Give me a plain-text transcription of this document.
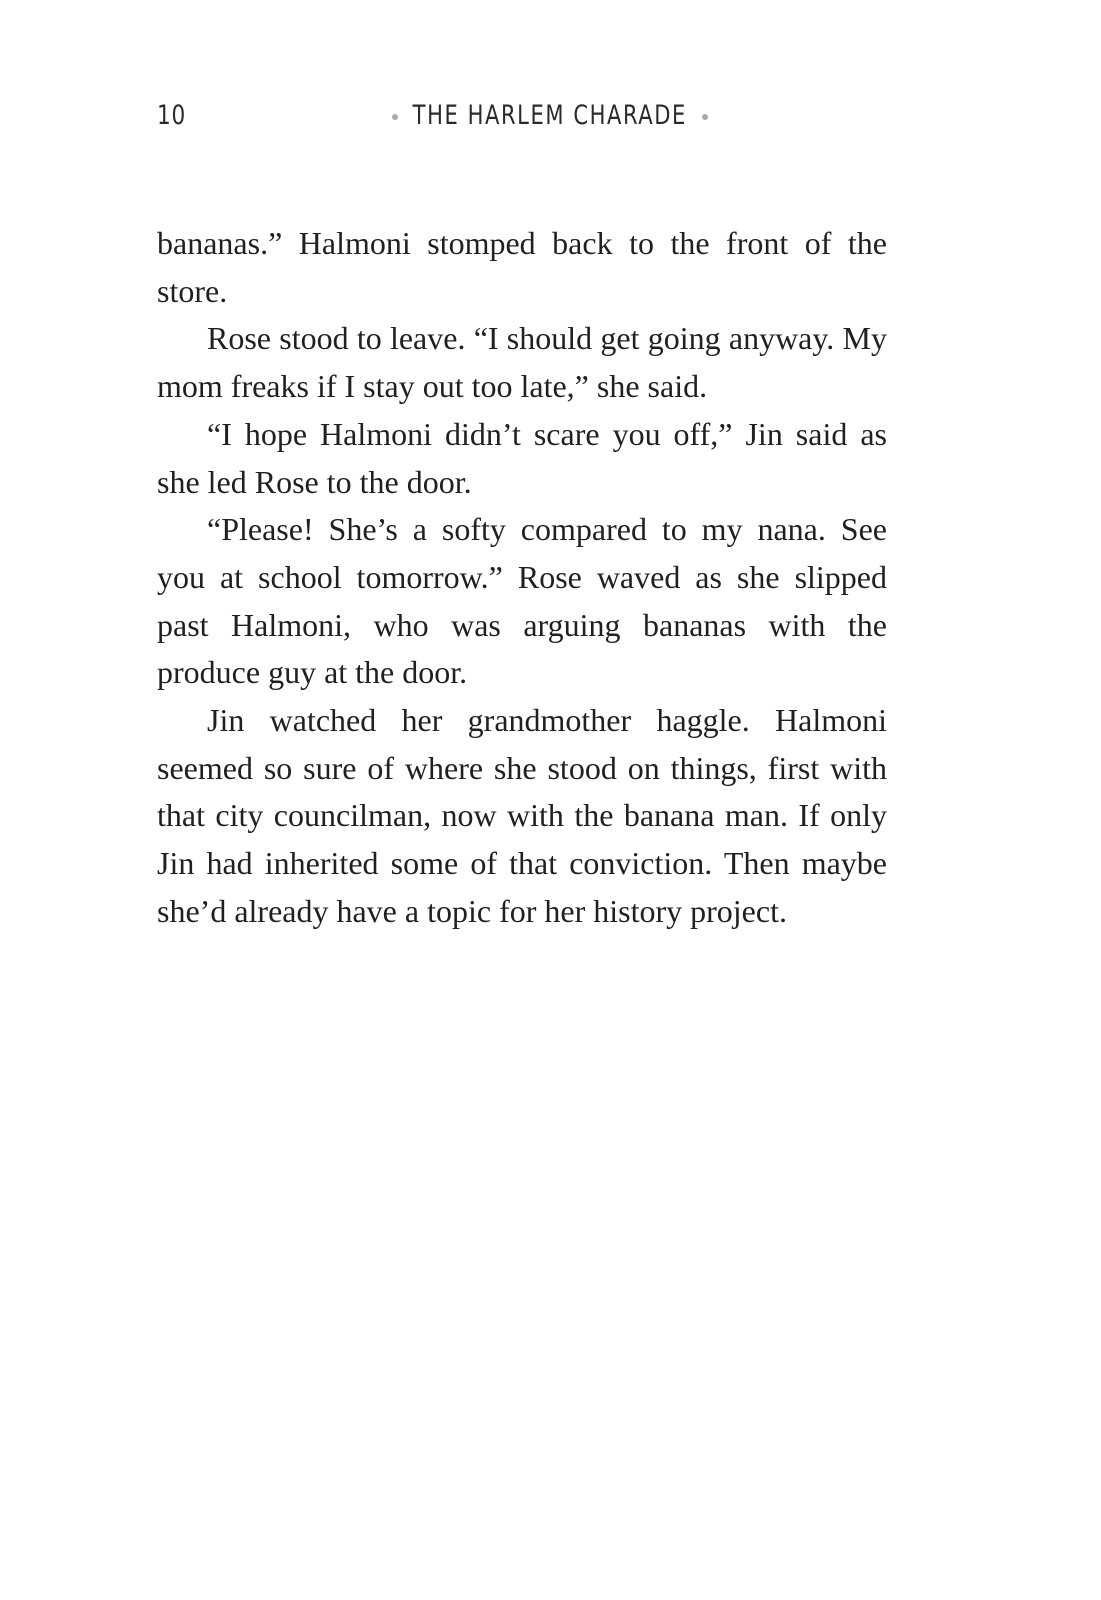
10	THE HARLEM CHARADE

bananas.” Halmoni stomped back to the front of the store.

Rose stood to leave. “I should get going anyway. My mom freaks if I stay out too late,” she said.

“I hope Halmoni didn’t scare you off,” Jin said as she led Rose to the door.

“Please! She’s a softy compared to my nana. See you at school tomorrow.” Rose waved as she slipped past Halmoni, who was arguing bananas with the produce guy at the door.

Jin watched her grandmother haggle. Halmoni seemed so sure of where she stood on things, first with that city councilman, now with the banana man. If only Jin had inherited some of that conviction. Then maybe she’d already have a topic for her history project.
